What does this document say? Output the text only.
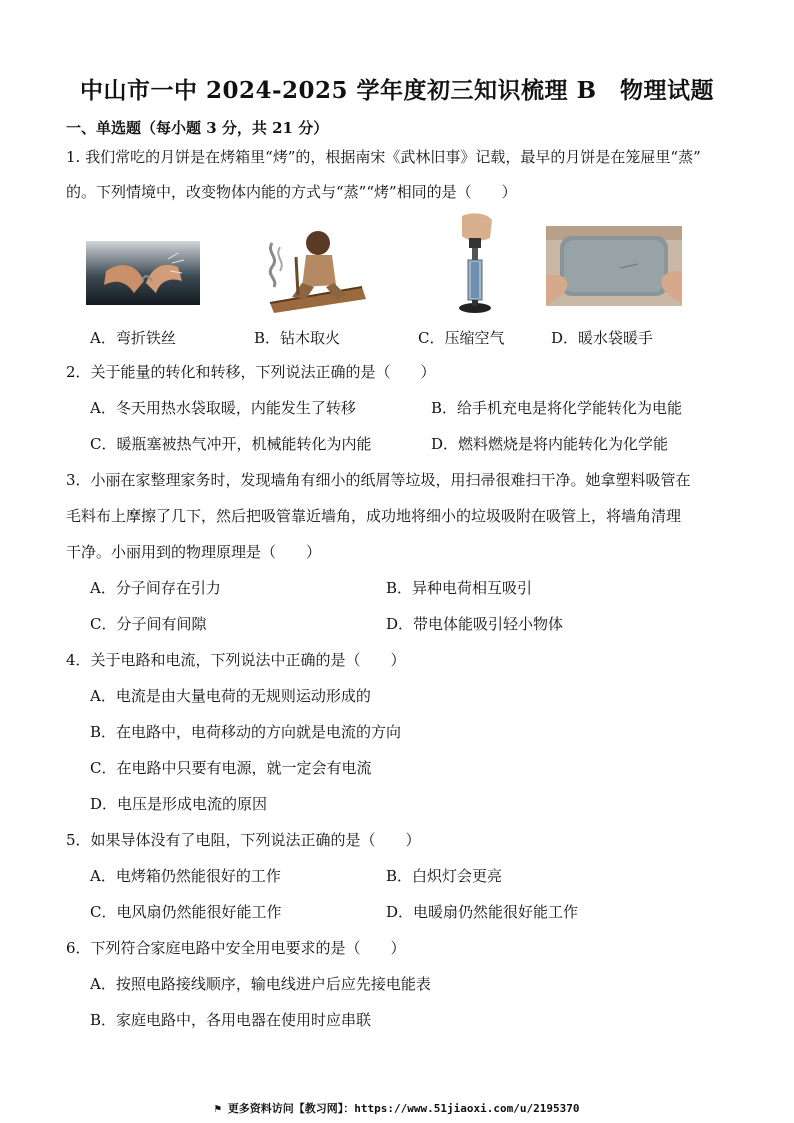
中山市一中 2024-2025 学年度初三知识梳理 B　物理试题
一、单选题（每小题 3 分，共 21 分）
1. 我们常吃的月饼是在烤箱里“烤”的，根据南宋《武林旧事》记载，最早的月饼是在笼屉里“蒸”
的。下列情境中，改变物体内能的方式与“蒸”“烤”相同的是（　　）
A．弯折铁丝	B．钻木取火	C．压缩空气	D．暖水袋暖手
2．关于能量的转化和转移，下列说法正确的是（　　）
A．冬天用热水袋取暖，内能发生了转移	B．给手机充电是将化学能转化为电能
C．暖瓶塞被热气冲开，机械能转化为内能	D．燃料燃烧是将内能转化为化学能
3．小丽在家整理家务时，发现墙角有细小的纸屑等垃圾，用扫帚很难扫干净。她拿塑料吸管在
毛料布上摩擦了几下，然后把吸管靠近墙角，成功地将细小的垃圾吸附在吸管上，将墙角清理
干净。小丽用到的物理原理是（　　）
A．分子间存在引力	B．异种电荷相互吸引
C．分子间有间隙	D．带电体能吸引轻小物体
4．关于电路和电流，下列说法中正确的是（　　）
A．电流是由大量电荷的无规则运动形成的
B．在电路中，电荷移动的方向就是电流的方向
C．在电路中只要有电源，就一定会有电流
D．电压是形成电流的原因
5．如果导体没有了电阻，下列说法正确的是（　　）
A．电烤箱仍然能很好的工作	B．白炽灯会更亮
C．电风扇仍然能很好能工作	D．电暖扇仍然能很好能工作
6．下列符合家庭电路中安全用电要求的是（　　）
A．按照电路接线顺序，输电线进户后应先接电能表
B．家庭电路中，各用电器在使用时应串联
⚑ 更多资料访问【教习网】：https://www.51jiaoxi.com/u/2195370
